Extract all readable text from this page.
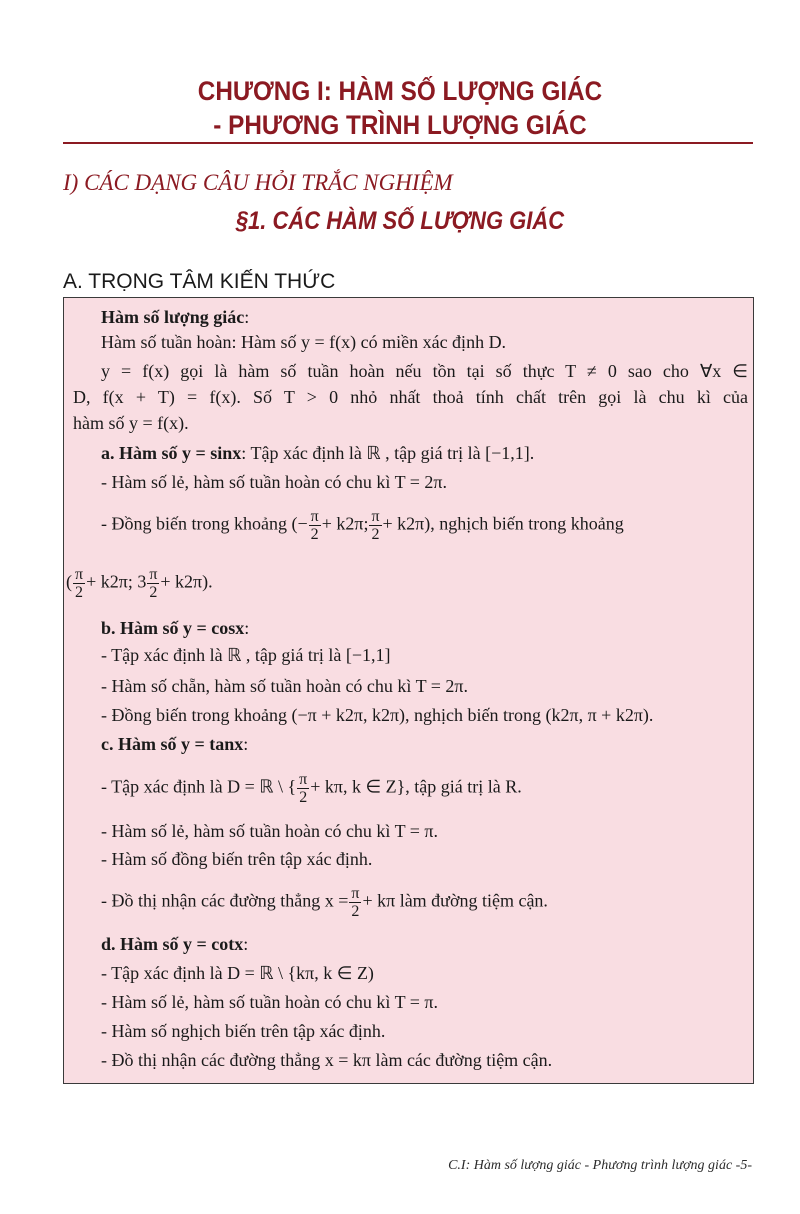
CHƯƠNG I: HÀM SỐ LƯỢNG GIÁC
- PHƯƠNG TRÌNH LƯỢNG GIÁC
I) CÁC DẠNG CÂU HỎI TRẮC NGHIỆM
§1. CÁC HÀM SỐ LƯỢNG GIÁC
A. TRỌNG TÂM KIẾN THỨC
Hàm số lượng giác:
Hàm số tuần hoàn: Hàm số y = f(x) có miền xác định D.
y = f(x) gọi là hàm số tuần hoàn nếu tồn tại số thực T ≠ 0 sao cho ∀x ∈
D, f(x + T) = f(x). Số T > 0 nhỏ nhất thoả tính chất trên gọi là chu kì của
hàm số y = f(x).
a. Hàm số y = sinx: Tập xác định là ℝ , tập giá trị là [−1,1].
- Hàm số lẻ, hàm số tuần hoàn có chu kì T = 2π.
- Đồng biến trong khoảng (− $\frac{\pi}{2} + k2\pi$; $\frac{\pi}{2} + k2\pi$), nghịch biến trong khoảng
( $\frac{\pi}{2} + k2\pi$; $3 \frac{\pi}{2} + k2\pi$).
b. Hàm số y = cosx:
- Tập xác định là ℝ , tập giá trị là [−1,1]
- Hàm số chẵn, hàm số tuần hoàn có chu kì T = 2π.
- Đồng biến trong khoảng (−π + k2π, k2π), nghịch biến trong (k2π, π + k2π).
c. Hàm số y = tanx:
- Tập xác định là D = ℝ \ { $\frac{\pi}{2} + k\pi$, k ∈ Z}, tập giá trị là R.
- Hàm số lẻ, hàm số tuần hoàn có chu kì T = π.
- Hàm số đồng biến trên tập xác định.
- Đồ thị nhận các đường thẳng $x = \frac{\pi}{2} + k\pi$ làm đường tiệm cận.
d. Hàm số y = cotx:
- Tập xác định là D = ℝ \ {kπ, k ∈ Z)
- Hàm số lẻ, hàm số tuần hoàn có chu kì T = π.
- Hàm số nghịch biến trên tập xác định.
- Đồ thị nhận các đường thẳng x = kπ làm các đường tiệm cận.
C.I: Hàm số lượng giác - Phương trình lượng giác -5-
